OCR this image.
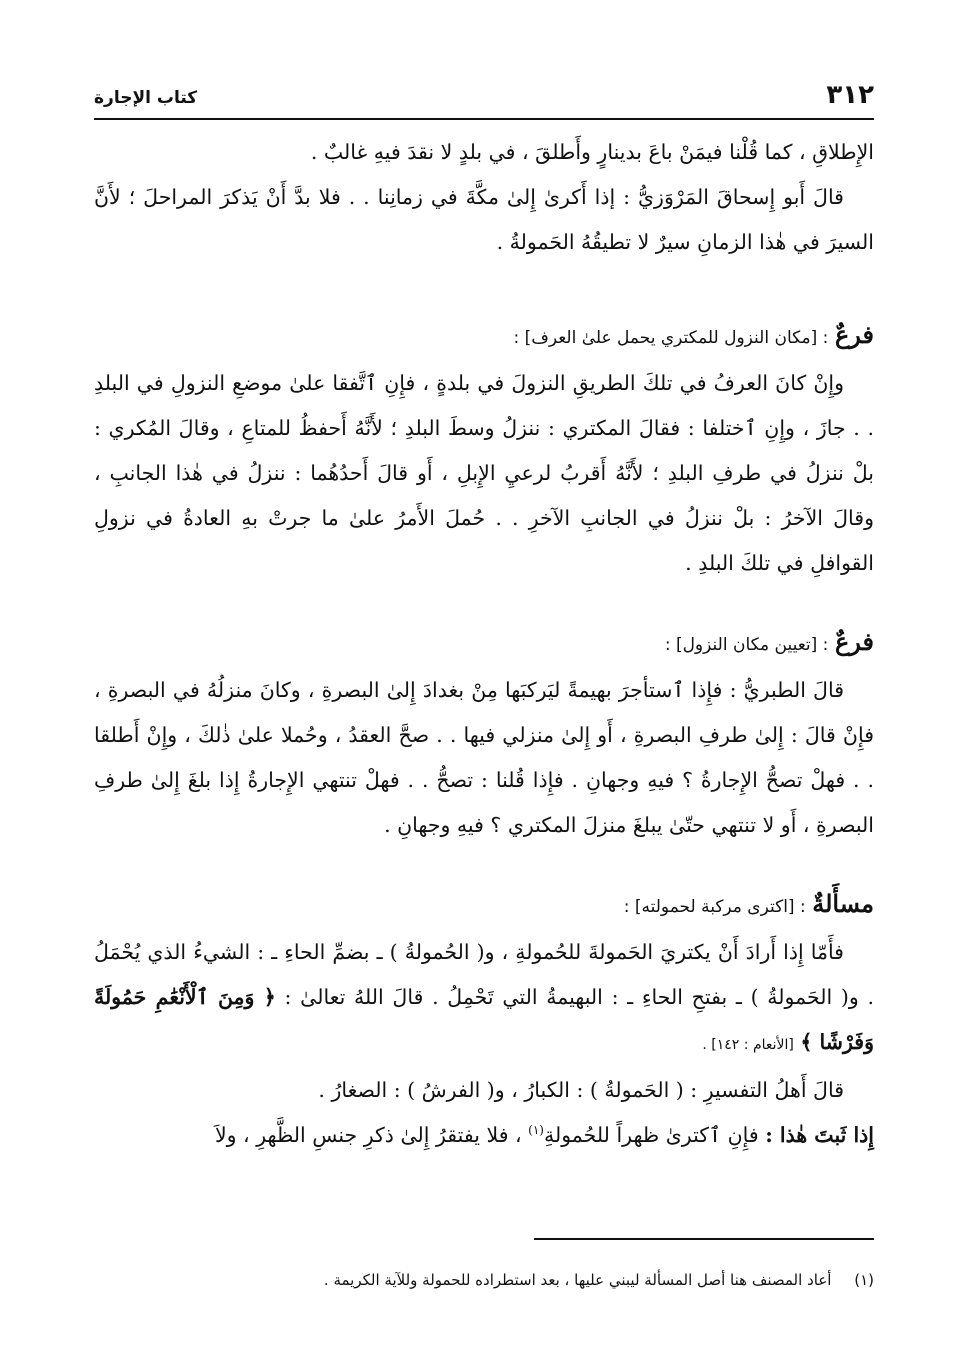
٣١٢
كتاب الإجارة

الإِطلاقِ ، كما قُلْنا فيمَنْ باعَ بدينارٍ وأَطلقَ ، في بلدٍ لا نقدَ فيهِ غالبٌ .

قالَ أَبو إِسحاقَ المَرْوَزيُّ : إذا أَكرىٰ إِلىٰ مكَّةَ في زمانِنا . . فلا بدَّ أَنْ يَذكرَ المراحلَ ؛ لأَنَّ السيرَ في هٰذا الزمانِ سيرٌ لا تطيقُهُ الحَمولةُ .

فرعٌ : [مكان النزول للمكتري يحمل علىٰ العرف] :

وإِنْ كانَ العرفُ في تلكَ الطريقِ النزولَ في بلدةٍ ، فإِنِ ٱتَّفقا علىٰ موضعِ النزولِ في البلدِ . . جازَ ، وإِنِ ٱختلفا : فقالَ المكتري : ننزلُ وسطَ البلدِ ؛ لأَنَّهُ أَحفظُ للمتاعِ ، وقالَ المُكري : بلْ ننزلُ في طرفِ البلدِ ؛ لأَنَّهُ أَقربُ لرعيِ الإِبلِ ، أَو قالَ أَحدُهُما : ننزلُ في هٰذا الجانبِ ، وقالَ الآخرُ : بلْ ننزلُ في الجانبِ الآخرِ . . حُملَ الأَمرُ علىٰ ما جرتْ بهِ العادةُ في نزولِ القوافلِ في تلكَ البلدِ .

فرعٌ : [تعيين مكان النزول] :

قالَ الطبريُّ : فإِذا ٱستأجرَ بهيمةً ليَركبَها مِنْ بغدادَ إِلىٰ البصرةِ ، وكانَ منزلُهُ في البصرةِ ، فإِنْ قالَ : إِلىٰ طرفِ البصرةِ ، أَو إِلىٰ منزلي فيها . . صحَّ العقدُ ، وحُملا علىٰ ذٰلكَ ، وإِنْ أَطلقا . . فهلْ تصحُّ الإِجارةُ ؟ فيهِ وجهانِ . فإِذا قُلنا : تصحُّ . . فهلْ تنتهي الإِجارةُ إِذا بلغَ إِلىٰ طرفِ البصرةِ ، أَو لا تنتهي حتّىٰ يبلغَ منزلَ المكتري ؟ فيهِ وجهانِ .

مسأَلةٌ : [اكترى مركبة لحمولته] :

فأَمّا إِذا أَرادَ أَنْ يكتريَ الحَمولةَ للحُمولةِ ، و( الحُمولةُ ) ـ بضمِّ الحاءِ ـ : الشيءُ الذي يُحْمَلُ . و( الحَمولةُ ) ـ بفتحِ الحاءِ ـ : البهيمةُ التي تَحْمِلُ . قالَ اللهُ تعالىٰ : ﴿ وَمِنَ ٱلْأَنْعَٰمِ حَمُولَةً وَفَرْشًا ﴾ [الأنعام : ١٤٢] .

قالَ أَهلُ التفسيرِ : ( الحَمولةُ ) : الكبارُ ، و( الفرشُ ) : الصغارُ .

إِذا ثَبتَ هٰذا : فإِنِ ٱكترىٰ ظهراً للحُمولةِ$^{(١)}$ ، فلا يفتقرُ إِلىٰ ذكرِ جنسِ الظَّهرِ ، ولاَ

(١) أعاد المصنف هنا أصل المسألة ليبني عليها ، بعد استطراده للحمولة وللآية الكريمة .
